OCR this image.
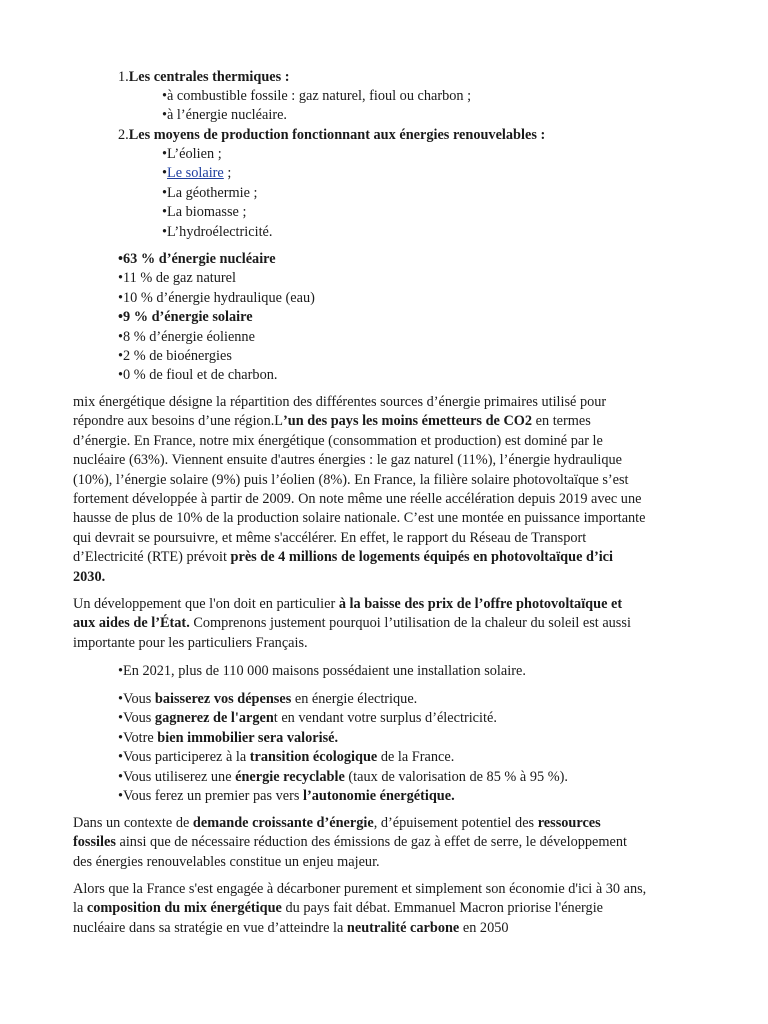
1.Les centrales thermiques :
•à combustible fossile : gaz naturel, fioul ou charbon ;
•à l’énergie nucléaire.
2.Les moyens de production fonctionnant aux énergies renouvelables :
•L’éolien ;
•Le solaire ;
•La géothermie ;
•La biomasse ;
•L’hydroélectricité.
•63 % d’énergie nucléaire
•11 % de gaz naturel
•10 % d’énergie hydraulique (eau)
•9 % d’énergie solaire
•8 % d’énergie éolienne
•2 % de bioénergies
•0 % de fioul et de charbon.
mix énergétique désigne la répartition des différentes sources d’énergie primaires utilisé pour
répondre aux besoins d’une région.L’un des pays les moins émetteurs de CO2 en termes
d’énergie. En France, notre mix énergétique (consommation et production) est dominé par le
nucléaire (63%). Viennent ensuite d'autres énergies : le gaz naturel (11%), l’énergie hydraulique
(10%), l’énergie solaire (9%) puis l’éolien (8%). En France, la filière solaire photovoltaïque s’est
fortement développée à partir de 2009. On note même une réelle accélération depuis 2019 avec une
hausse de plus de 10% de la production solaire nationale. C’est une montée en puissance importante
qui devrait se poursuivre, et même s'accélérer. En effet, le rapport du Réseau de Transport
d’Electricité (RTE) prévoit près de 4 millions de logements équipés en photovoltaïque d’ici
2030.
Un développement que l'on doit en particulier à la baisse des prix de l’offre photovoltaïque et
aux aides de l’État. Comprenons justement pourquoi l’utilisation de la chaleur du soleil est aussi
importante pour les particuliers Français.
•En 2021, plus de 110 000 maisons possédaient une installation solaire.
•Vous baisserez vos dépenses en énergie électrique.
•Vous gagnerez de l'argent en vendant votre surplus d’électricité.
•Votre bien immobilier sera valorisé.
•Vous participerez à la transition écologique de la France.
•Vous utiliserez une énergie recyclable (taux de valorisation de 85 % à 95 %).
•Vous ferez un premier pas vers l’autonomie énergétique.
Dans un contexte de demande croissante d’énergie, d’épuisement potentiel des ressources
fossiles ainsi que de nécessaire réduction des émissions de gaz à effet de serre, le développement
des énergies renouvelables constitue un enjeu majeur.
Alors que la France s'est engagée à décarboner purement et simplement son économie d'ici à 30 ans,
la composition du mix énergétique du pays fait débat. Emmanuel Macron priorise l'énergie
nucléaire dans sa stratégie en vue d’atteindre la neutralité carbone en 2050
